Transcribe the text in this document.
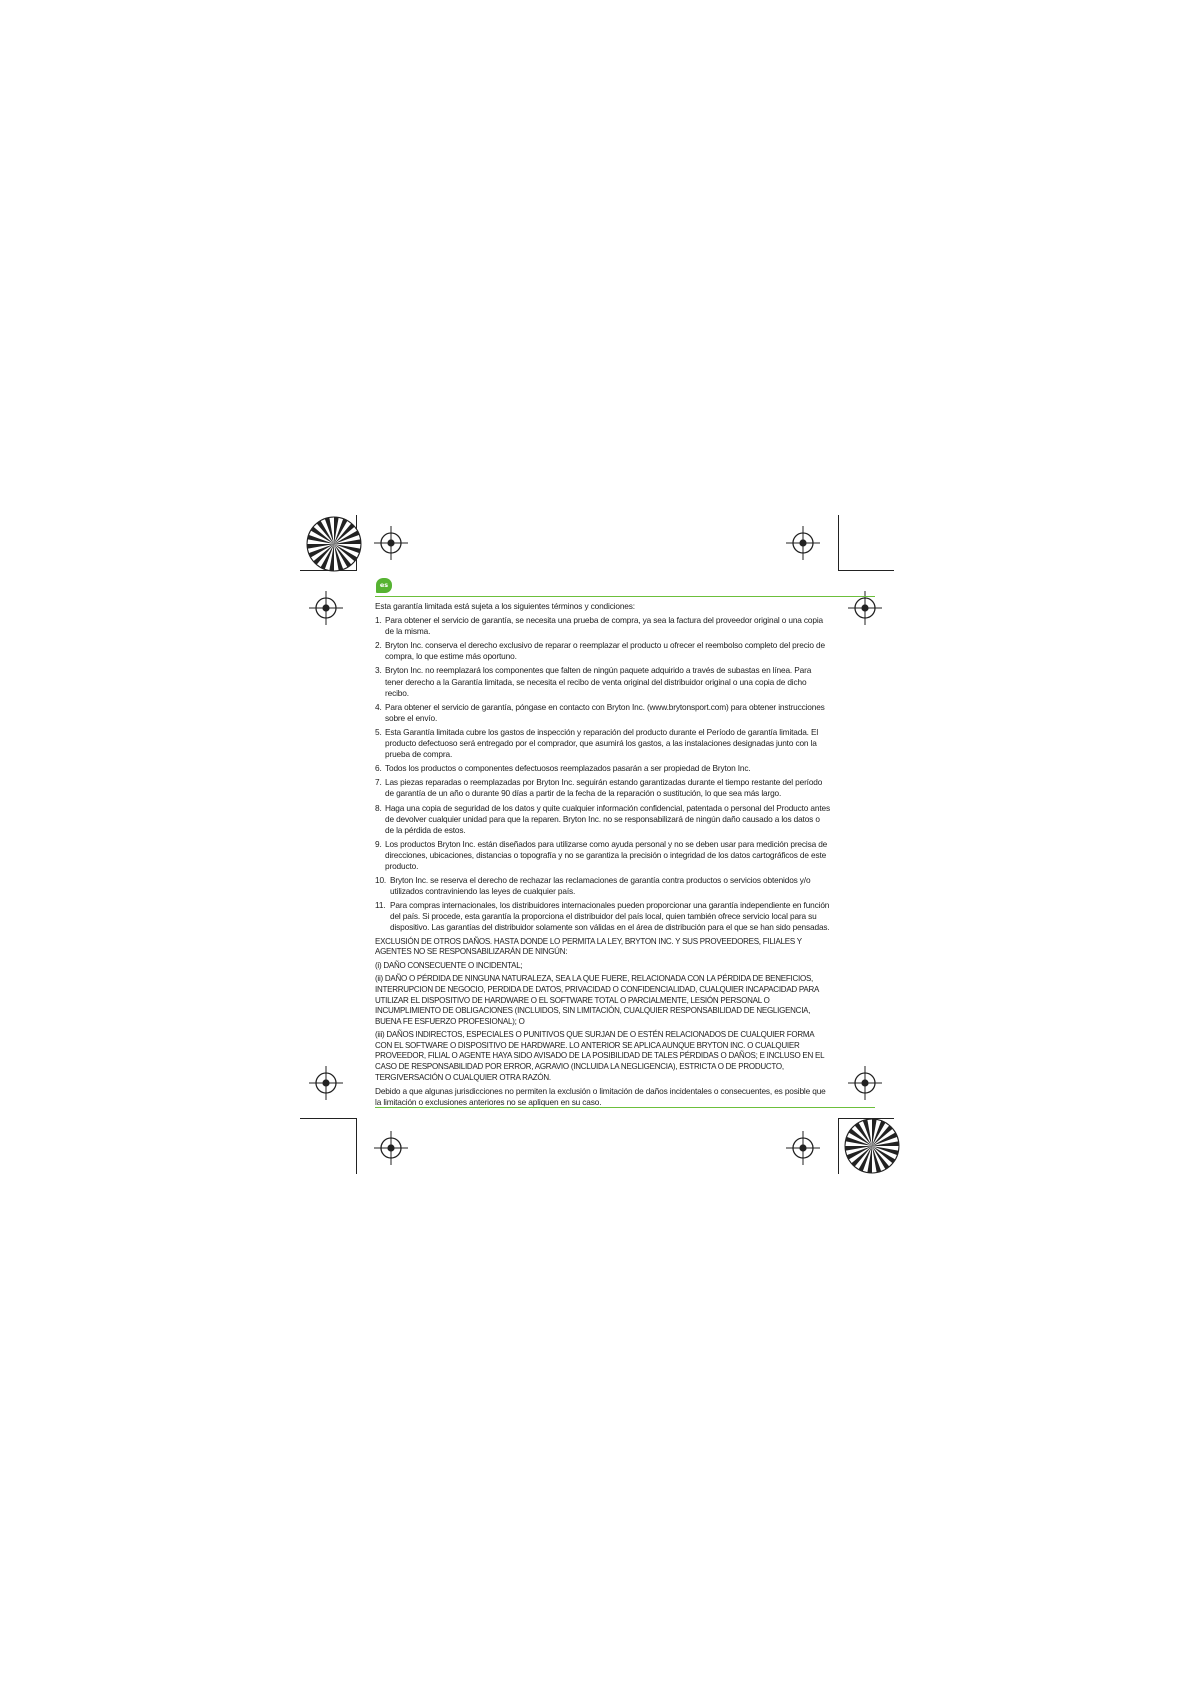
es

Esta garantía limitada está sujeta a los siguientes términos y condiciones:

1. Para obtener el servicio de garantía, se necesita una prueba de compra, ya sea la factura del proveedor original o una copia de la misma.
2. Bryton Inc. conserva el derecho exclusivo de reparar o reemplazar el producto u ofrecer el reembolso completo del precio de compra, lo que estime más oportuno.
3. Bryton Inc. no reemplazará los componentes que falten de ningún paquete adquirido a través de subastas en línea. Para tener derecho a la Garantía limitada, se necesita el recibo de venta original del distribuidor original o una copia de dicho recibo.
4. Para obtener el servicio de garantía, póngase en contacto con Bryton Inc. (www.brytonsport.com) para obtener instrucciones sobre el envío.
5. Esta Garantía limitada cubre los gastos de inspección y reparación del producto durante el Período de garantía limitada. El producto defectuoso será entregado por el comprador, que asumirá los gastos, a las instalaciones designadas junto con la prueba de compra.
6. Todos los productos o componentes defectuosos reemplazados pasarán a ser propiedad de Bryton Inc.
7. Las piezas reparadas o reemplazadas por Bryton Inc. seguirán estando garantizadas durante el tiempo restante del período de garantía de un año o durante 90 días a partir de la fecha de la reparación o sustitución, lo que sea más largo.
8. Haga una copia de seguridad de los datos y quite cualquier información confidencial, patentada o personal del Producto antes de devolver cualquier unidad para que la reparen. Bryton Inc. no se responsabilizará de ningún daño causado a los datos o de la pérdida de estos.
9. Los productos Bryton Inc. están diseñados para utilizarse como ayuda personal y no se deben usar para medición precisa de direcciones, ubicaciones, distancias o topografía y no se garantiza la precisión o integridad de los datos cartográficos de este producto.
10. Bryton Inc. se reserva el derecho de rechazar las reclamaciones de garantía contra productos o servicios obtenidos y/o utilizados contraviniendo las leyes de cualquier país.
11. Para compras internacionales, los distribuidores internacionales pueden proporcionar una garantía independiente en función del país. Si procede, esta garantía la proporciona el distribuidor del país local, quien también ofrece servicio local para su dispositivo. Las garantías del distribuidor solamente son válidas en el área de distribución para el que se han sido pensadas.

EXCLUSIÓN DE OTROS DAÑOS. HASTA DONDE LO PERMITA LA LEY, BRYTON INC. Y SUS PROVEEDORES, FILIALES Y AGENTES NO SE RESPONSABILIZARÁN DE NINGÚN:

(i) DAÑO CONSECUENTE O INCIDENTAL;

(ii) DAÑO O PÉRDIDA DE NINGUNA NATURALEZA, SEA LA QUE FUERE, RELACIONADA CON LA PÉRDIDA DE BENEFICIOS, INTERRUPCION DE NEGOCIO, PERDIDA DE DATOS, PRIVACIDAD O CONFIDENCIALIDAD, CUALQUIER INCAPACIDAD PARA UTILIZAR EL DISPOSITIVO DE HARDWARE O EL SOFTWARE TOTAL O PARCIALMENTE, LESIÓN PERSONAL O INCUMPLIMIENTO DE OBLIGACIONES (INCLUIDOS, SIN LIMITACIÓN, CUALQUIER RESPONSABILIDAD DE NEGLIGENCIA, BUENA FE ESFUERZO PROFESIONAL); O

(iii) DAÑOS INDIRECTOS, ESPECIALES O PUNITIVOS QUE SURJAN DE O ESTÉN RELACIONADOS DE CUALQUIER FORMA CON EL SOFTWARE O DISPOSITIVO DE HARDWARE. LO ANTERIOR SE APLICA AUNQUE BRYTON INC. O CUALQUIER PROVEEDOR, FILIAL O AGENTE HAYA SIDO AVISADO DE LA POSIBILIDAD DE TALES PÉRDIDAS O DAÑOS; E INCLUSO EN EL CASO DE RESPONSABILIDAD POR ERROR, AGRAVIO (INCLUIDA LA NEGLIGENCIA), ESTRICTA O DE PRODUCTO, TERGIVERSACIÓN O CUALQUIER OTRA RAZÓN.

Debido a que algunas jurisdicciones no permiten la exclusión o limitación de daños incidentales o consecuentes, es posible que la limitación o exclusiones anteriores no se apliquen en su caso.
